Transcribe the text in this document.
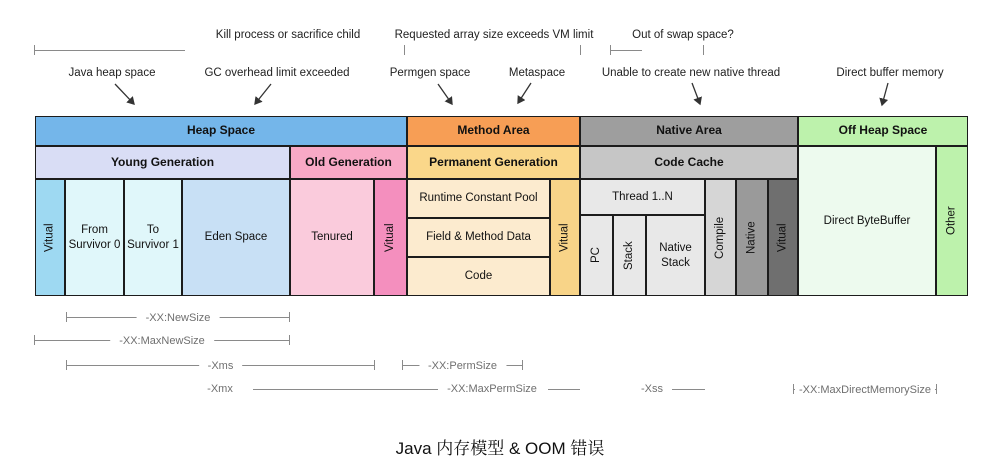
Kill process or sacrifice child	Requested array size exceeds VM limit	Out of swap space?
Java heap space	GC overhead limit exceeded	Permgen space	Metaspace	Unable to create new native thread	Direct buffer memory
Heap Space	Method Area	Native Area	Off Heap Space
Young Generation	Old Generation	Permanent Generation	Code Cache
Direct ByteBuffer	Other
Vitual	From Survivor 0
To Survivor 1
Eden Space	Tenured	Vitual
Runtime Constant Pool
Field & Method Data
Code
Vitual
Thread 1..N
PC	Stack	Native Stack
Compile	Native	Vitual
-XX:NewSize
-XX:MaxNewSize
-Xms	-XX:PermSize
-Xmx	-XX:MaxPermSize	-Xss	-XX:MaxDirectMemorySize
Java 内存模型 & OOM 错误
